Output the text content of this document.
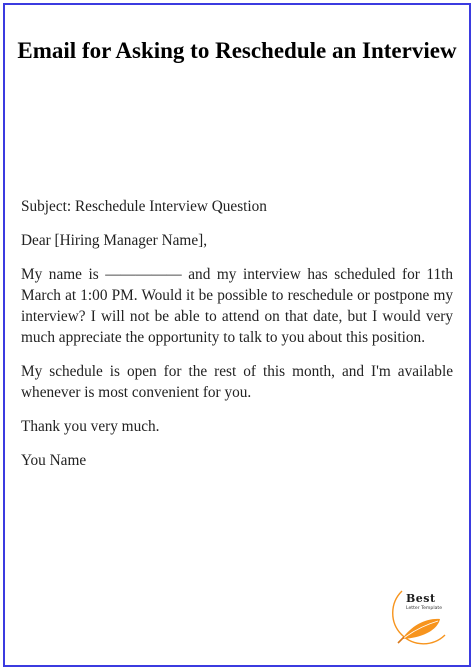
Email for Asking to Reschedule an Interview

Subject: Reschedule Interview Question

Dear [Hiring Manager Name],

My name is ————— and my interview has scheduled for 11th March at 1:00 PM. Would it be possible to reschedule or postpone my interview? I will not be able to attend on that date, but I would very much appreciate the opportunity to talk to you about this position.

My schedule is open for the rest of this month, and I'm available whenever is most convenient for you.

Thank you very much.

You Name

Best
Letter Template
